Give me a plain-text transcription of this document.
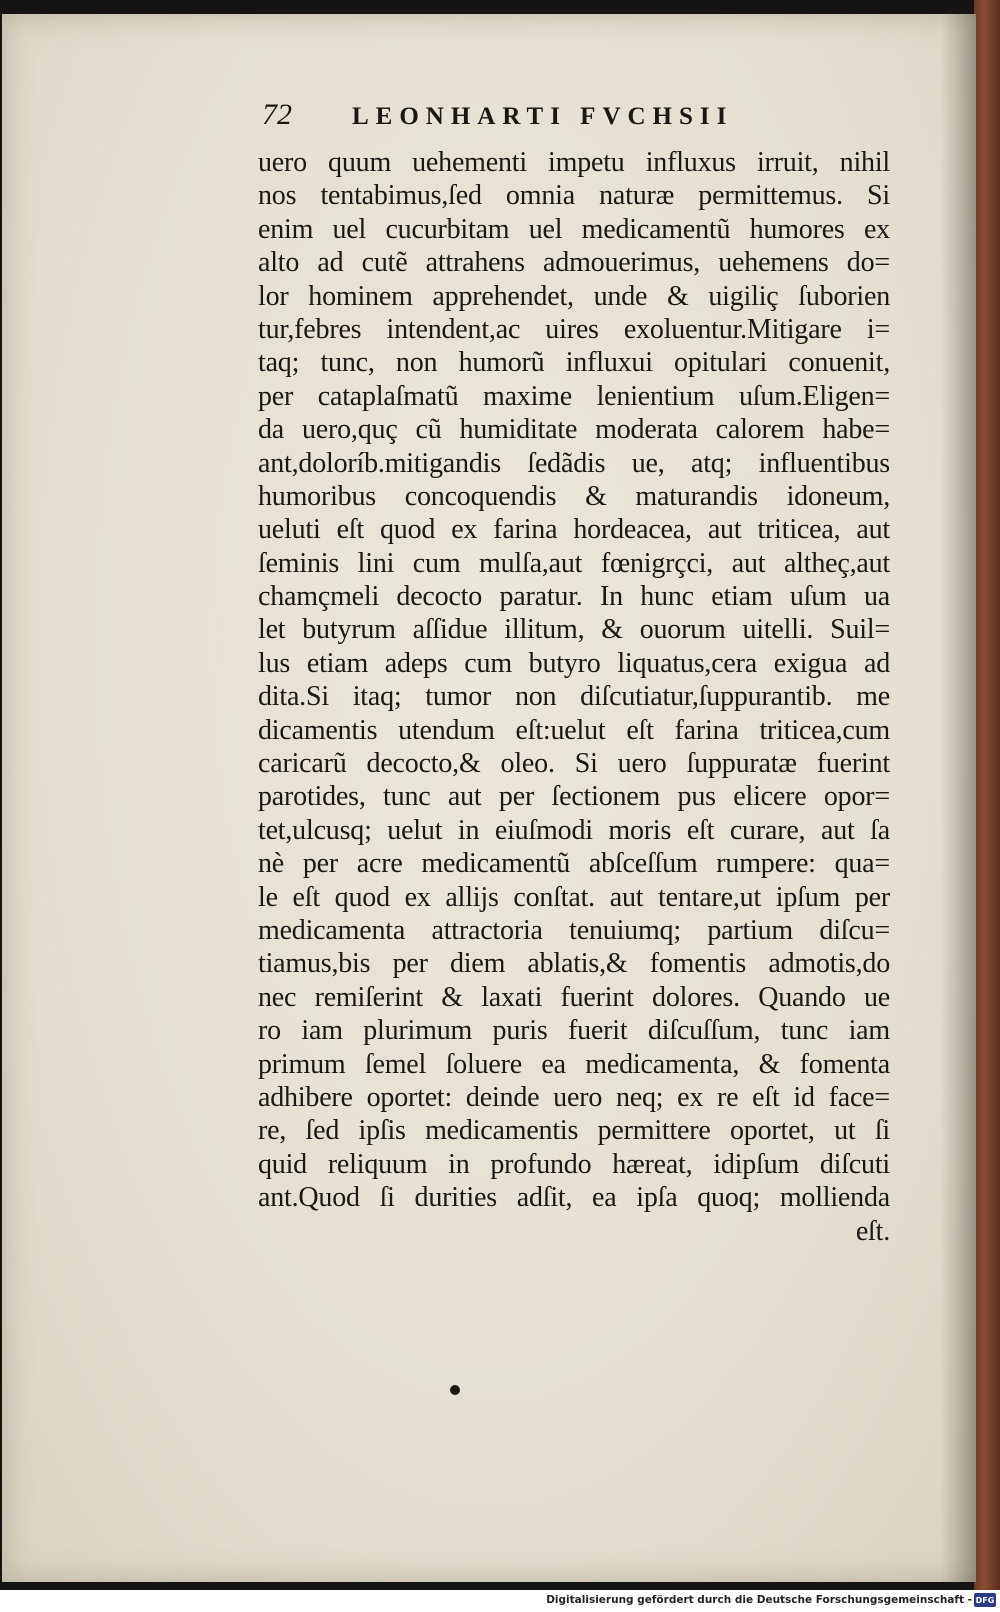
72 LEONHARTI FVCHSII
uero quum uehementi impetu influxus irruit, nihil
nos tentabimus,ſed omnia naturæ permittemus. Si
enim uel cucurbitam uel medicamentũ humores ex
alto ad cutẽ attrahens admouerimus, uehemens do=
lor hominem apprehendet, unde & uigiliç ſuborien
tur,febres intendent,ac uires exoluentur.Mitigare i=
taq; tunc, non humorũ influxui opitulari conuenit,
per cataplaſmatũ maxime lenientium uſum.Eligen=
da uero,quç cũ humiditate moderata calorem habe=
ant,doloríb.mitigandis ſedãdis ue, atq; influentibus
humoribus concoquendis & maturandis idoneum,
ueluti eſt quod ex farina hordeacea, aut triticea, aut
ſeminis lini cum mulſa,aut fœnigrçci, aut altheç,aut
chamçmeli decocto paratur. In hunc etiam uſum ua
let butyrum aſſidue illitum, & ouorum uitelli. Suil=
lus etiam adeps cum butyro liquatus,cera exigua ad
dita.Si itaq; tumor non diſcutiatur,ſuppurantib. me
dicamentis utendum eſt:uelut eſt farina triticea,cum
caricarũ decocto,& oleo. Si uero ſuppuratæ fuerint
parotides, tunc aut per ſectionem pus elicere opor=
tet,ulcusq; uelut in eiuſmodi moris eſt curare, aut ſa
nè per acre medicamentũ abſceſſum rumpere: qua=
le eſt quod ex allijs conſtat. aut tentare,ut ipſum per
medicamenta attractoria tenuiumq; partium diſcu=
tiamus,bis per diem ablatis,& fomentis admotis,do
nec remiſerint & laxati fuerint dolores. Quando ue
ro iam plurimum puris fuerit diſcuſſum, tunc iam
primum ſemel ſoluere ea medicamenta, & fomenta
adhibere oportet: deinde uero neq; ex re eſt id face=
re, ſed ipſis medicamentis permittere oportet, ut ſi
quid reliquum in profundo hæreat, idipſum diſcuti
ant.Quod ſi durities adſit, ea ipſa quoq; mollienda
eſt.
Digitalisierung gefördert durch die Deutsche Forschungsgemeinschaft - DFG
